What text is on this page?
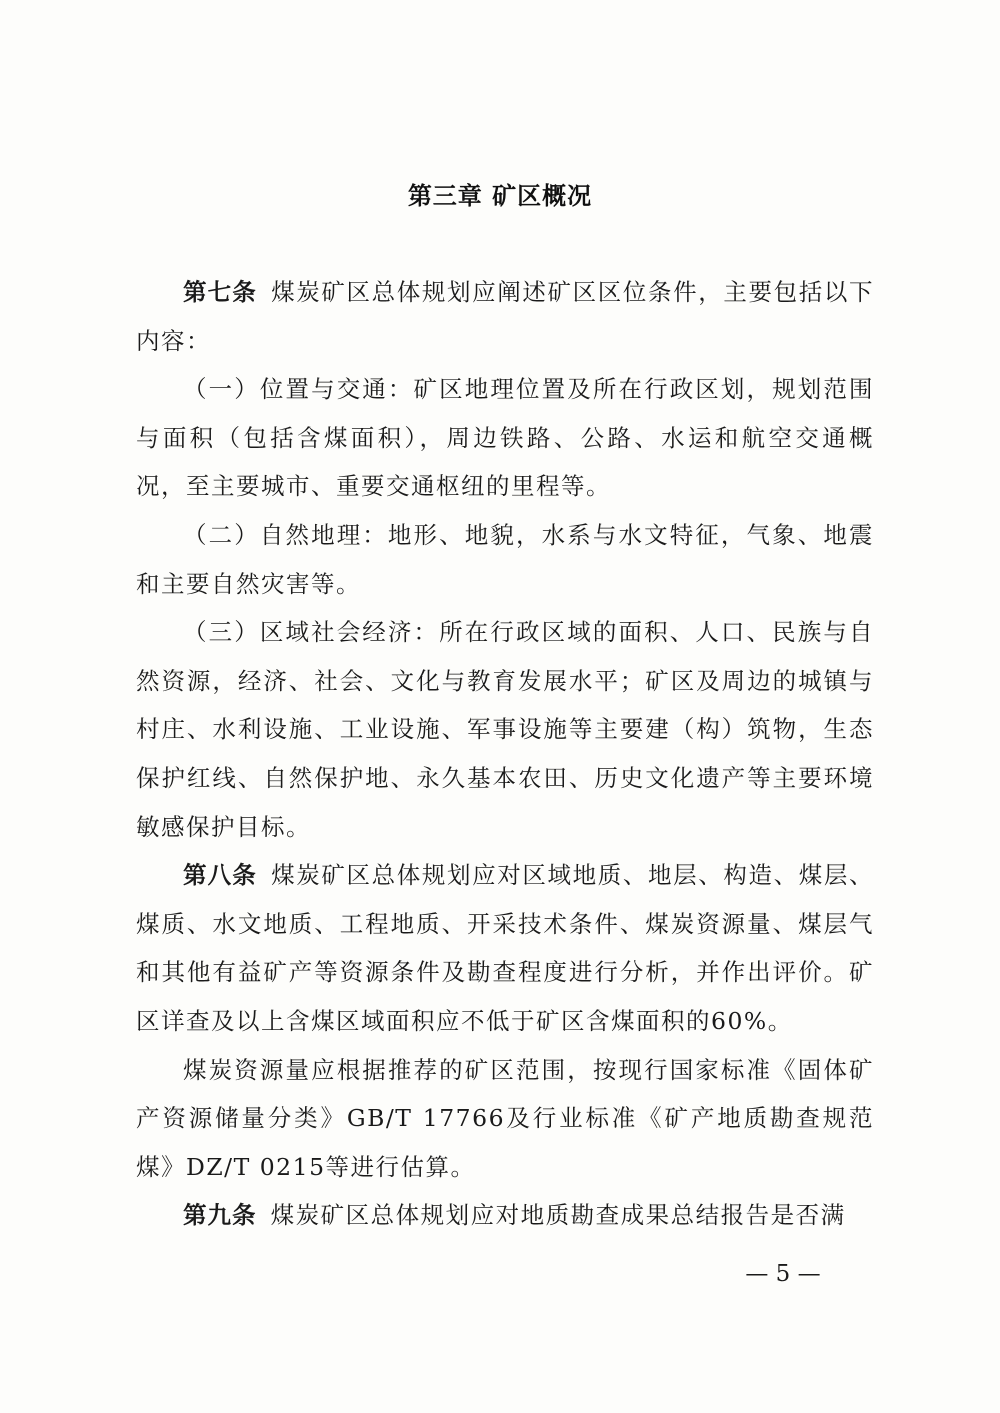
第三章 矿区概况

第七条 煤炭矿区总体规划应阐述矿区区位条件，主要包括以下内容：

（一）位置与交通：矿区地理位置及所在行政区划，规划范围与面积（包括含煤面积），周边铁路、公路、水运和航空交通概况，至主要城市、重要交通枢纽的里程等。

（二）自然地理：地形、地貌，水系与水文特征，气象、地震和主要自然灾害等。

（三）区域社会经济：所在行政区域的面积、人口、民族与自然资源，经济、社会、文化与教育发展水平；矿区及周边的城镇与村庄、水利设施、工业设施、军事设施等主要建（构）筑物，生态保护红线、自然保护地、永久基本农田、历史文化遗产等主要环境敏感保护目标。

第八条 煤炭矿区总体规划应对区域地质、地层、构造、煤层、煤质、水文地质、工程地质、开采技术条件、煤炭资源量、煤层气和其他有益矿产等资源条件及勘查程度进行分析，并作出评价。矿区详查及以上含煤区域面积应不低于矿区含煤面积的60%。

煤炭资源量应根据推荐的矿区范围，按现行国家标准《固体矿产资源储量分类》GB/T 17766及行业标准《矿产地质勘查规范 煤》DZ/T 0215等进行估算。

第九条 煤炭矿区总体规划应对地质勘查成果总结报告是否满

— 5 —
